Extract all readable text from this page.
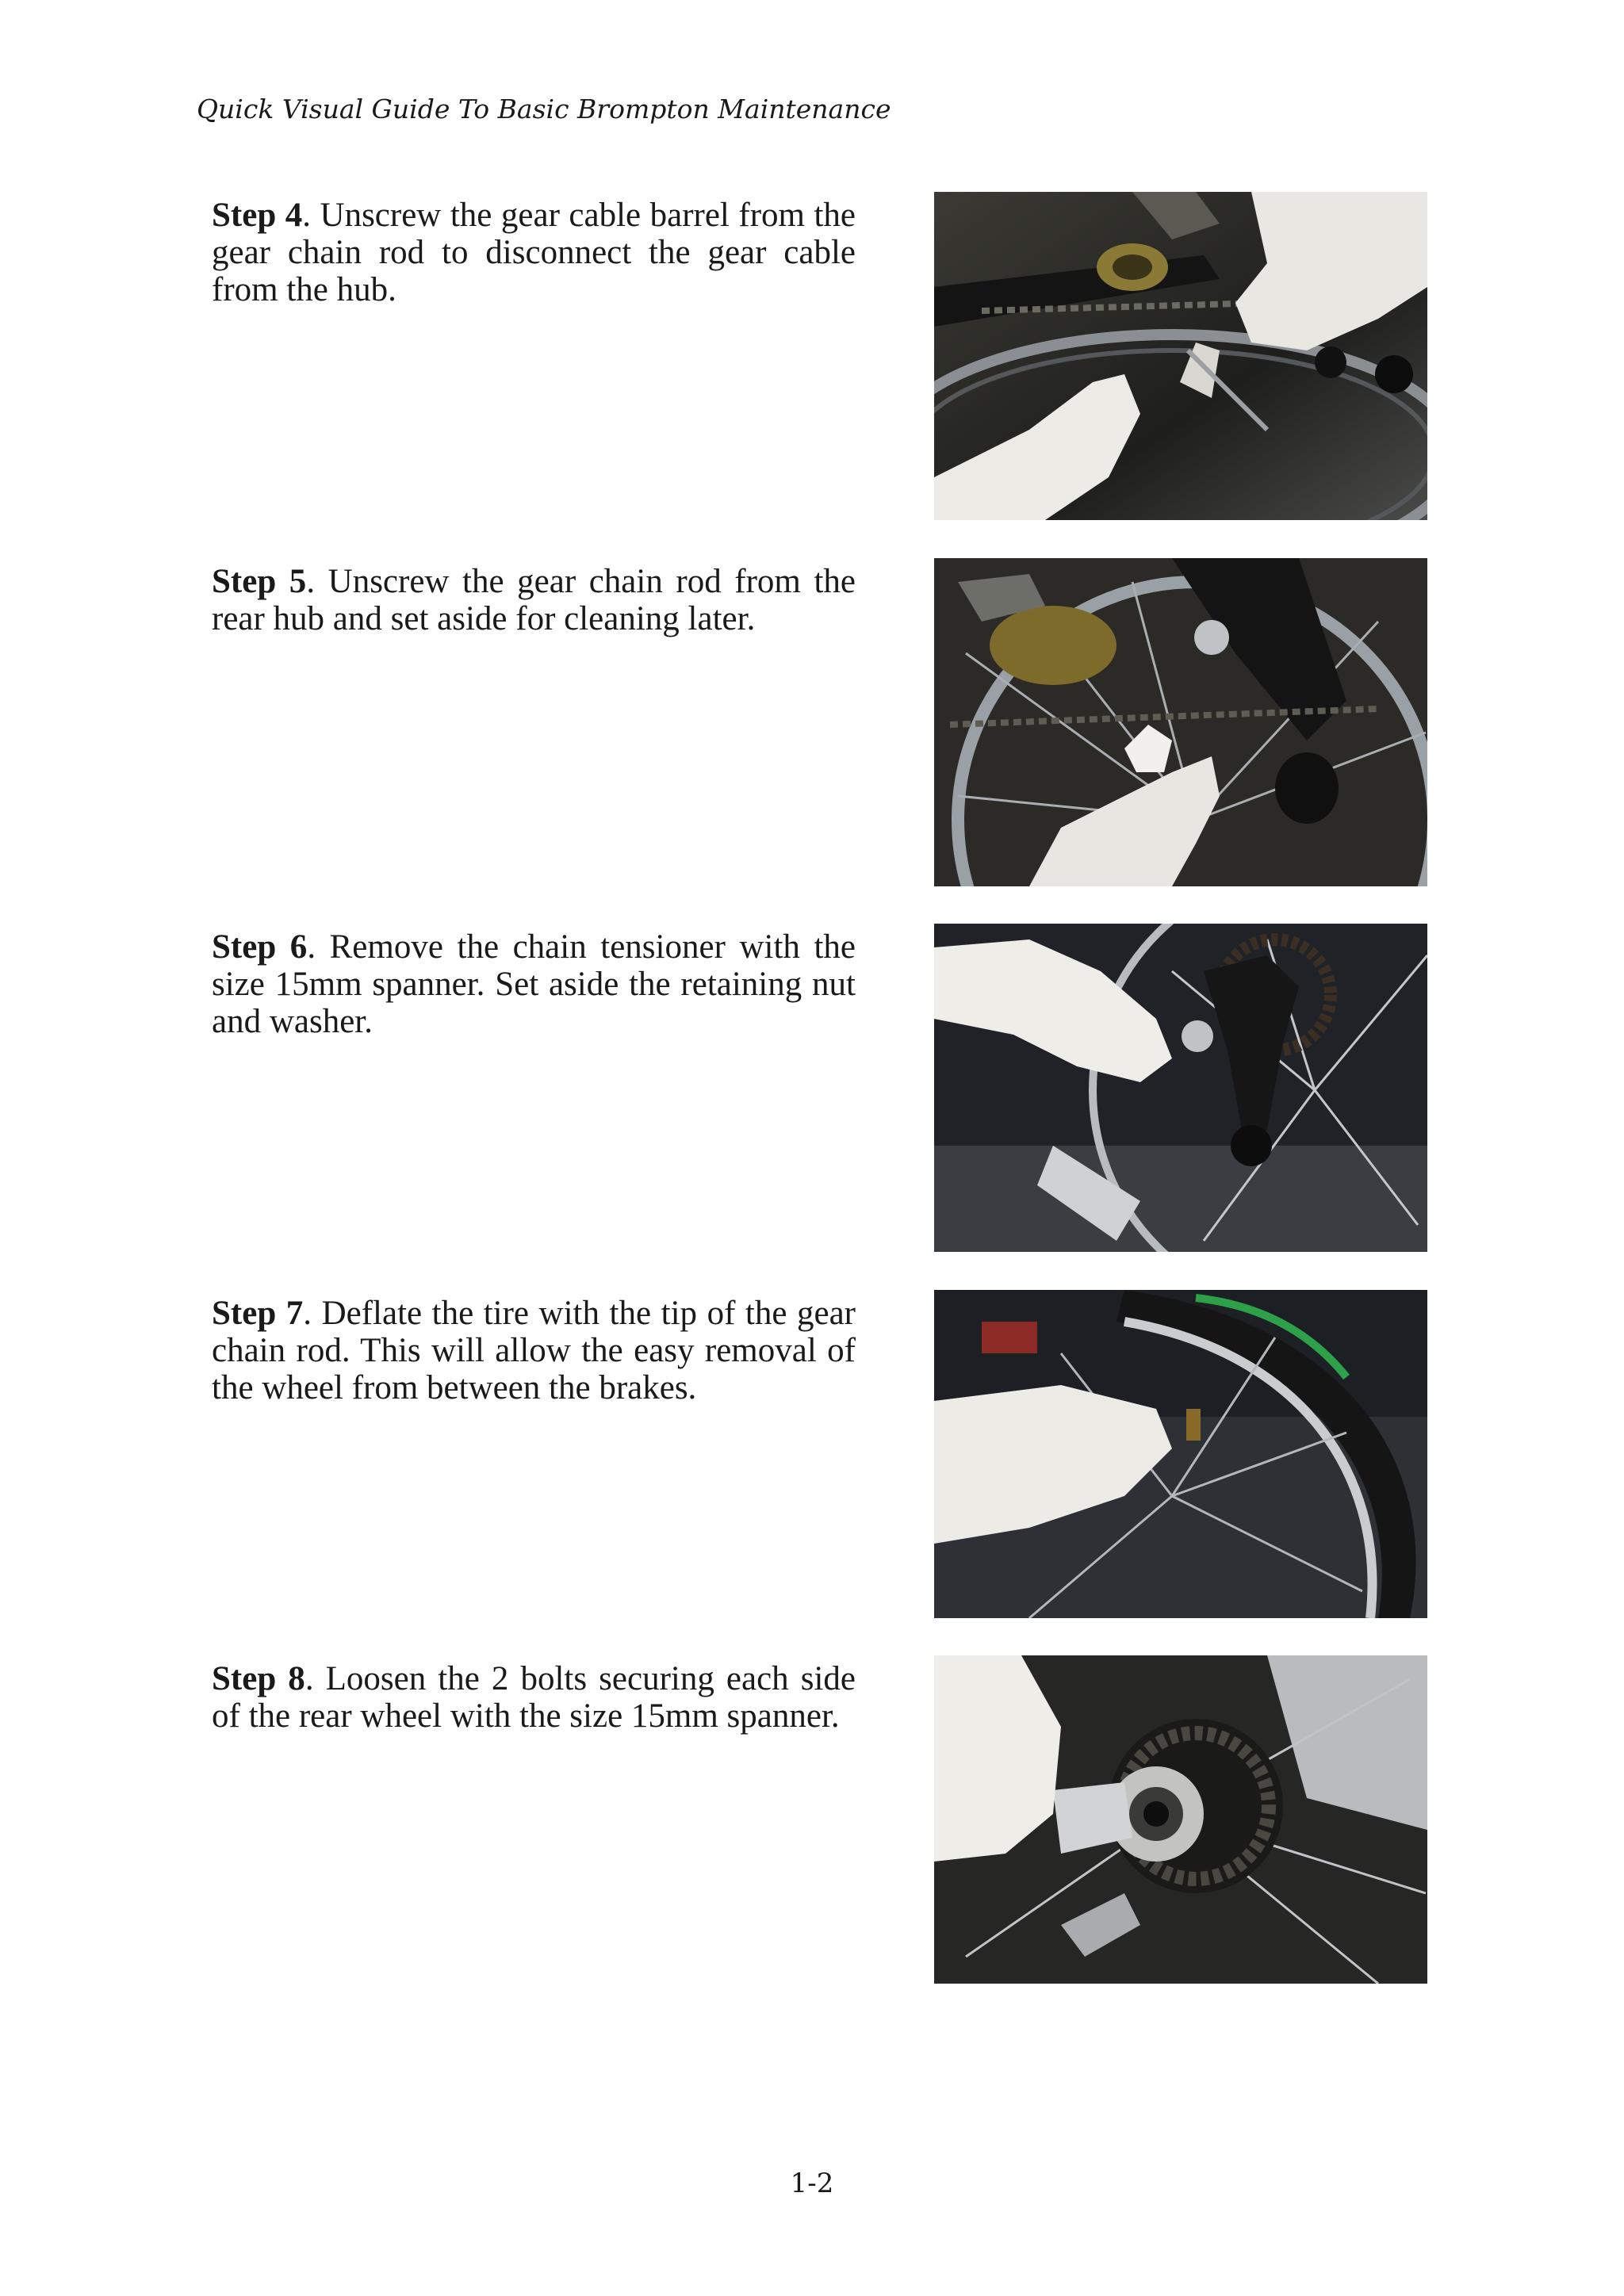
Quick Visual Guide To Basic Brompton Maintenance

Step 4. Unscrew the gear cable barrel from the gear chain rod to disconnect the gear cable from the hub.

Step 5. Unscrew the gear chain rod from the rear hub and set aside for cleaning later.

Step 6. Remove the chain tensioner with the size 15mm spanner. Set aside the retaining nut and washer.

Step 7. Deflate the tire with the tip of the gear chain rod. This will allow the easy removal of the wheel from between the brakes.

Step 8. Loosen the 2 bolts securing each side of the rear wheel with the size 15mm spanner.

1-2
